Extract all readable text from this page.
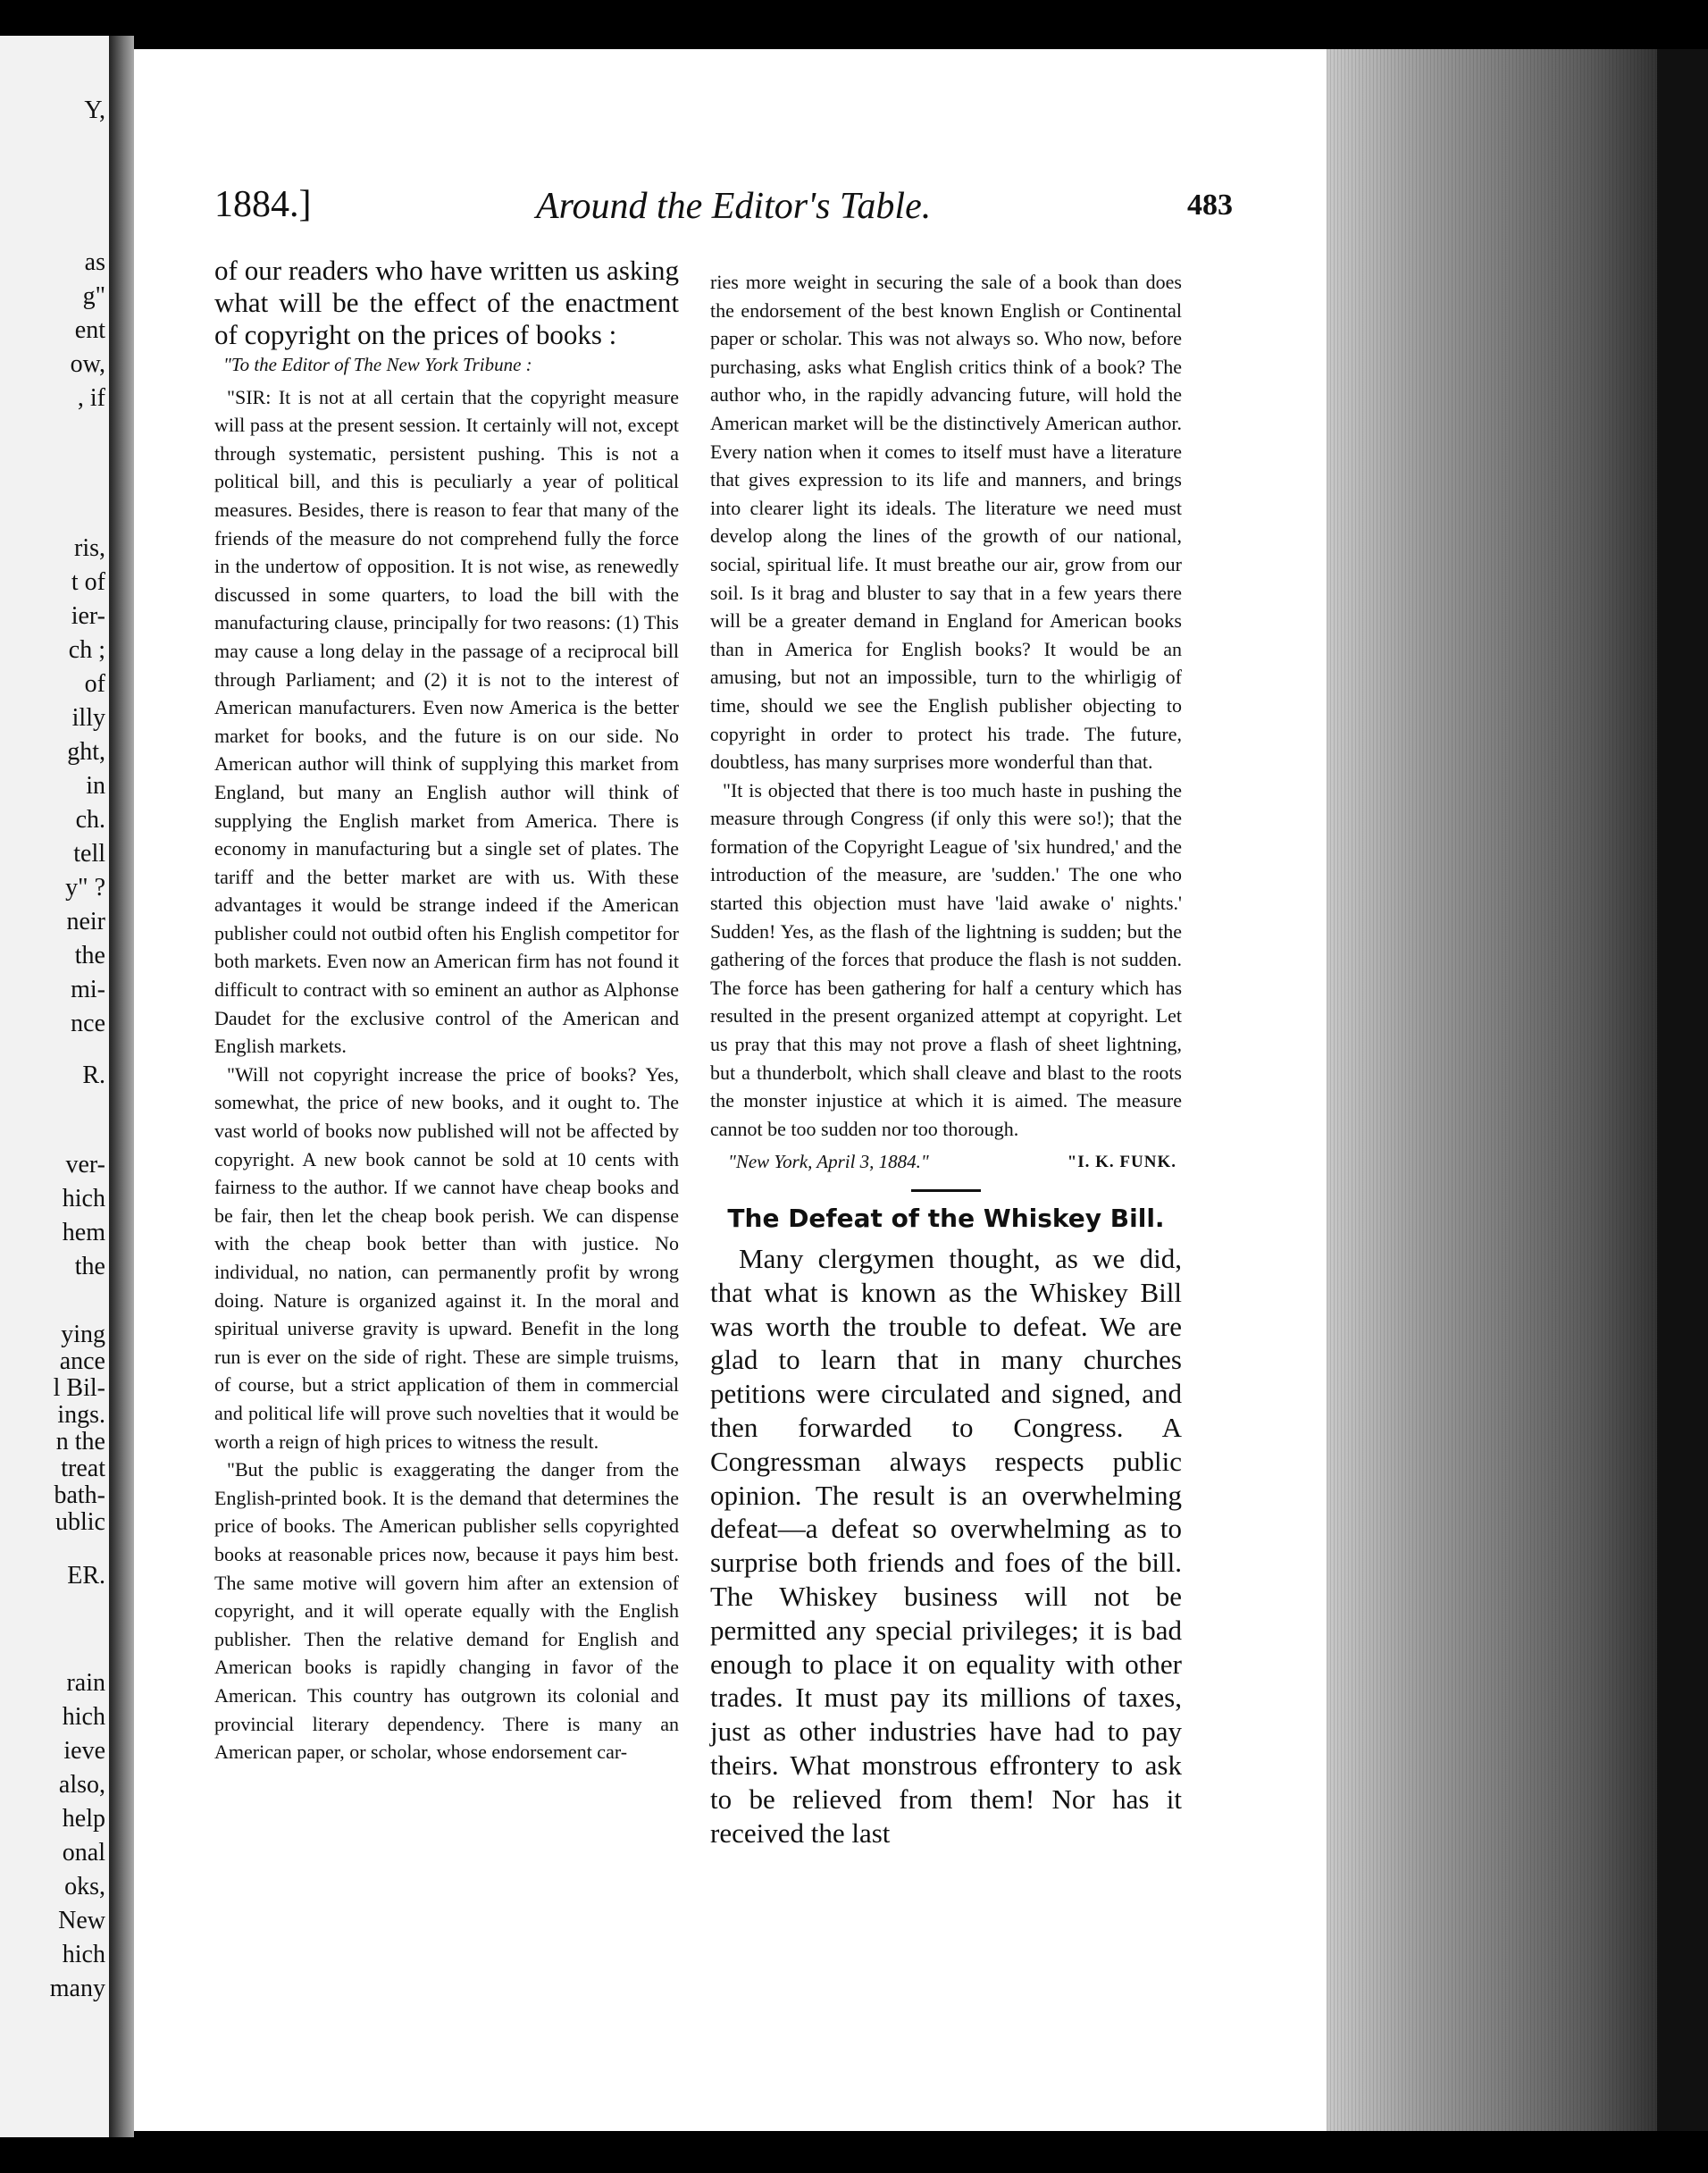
Y,
as
g"
ent
ow,
, if
ris,
t of
ier-
ch ;
of
illy
ght,
in
ch.
tell
y" ?
neir
the
mi-
nce
R.
ver-
hich
hem
the
ying
ance
l Bil-
ings.
n the
treat
bath-
ublic
ER.
rain
hich
ieve
also,
help
onal
oks,
New
hich
many
1884.]	Around the Editor's Table.	483

of our readers who have written us asking what will be the effect of the enactment of copyright on the prices of books :

"To the Editor of The New York Tribune :

"SIR: It is not at all certain that the copyright measure will pass at the present session. It certainly will not, except through systematic, persistent pushing. This is not a political bill, and this is peculiarly a year of political measures. Besides, there is reason to fear that many of the friends of the measure do not comprehend fully the force in the undertow of opposition. It is not wise, as renewedly discussed in some quarters, to load the bill with the manufacturing clause, principally for two reasons: (1) This may cause a long delay in the passage of a reciprocal bill through Parliament; and (2) it is not to the interest of American manufacturers. Even now America is the better market for books, and the future is on our side. No American author will think of supplying this market from England, but many an English author will think of supplying the English market from America. There is economy in manufacturing but a single set of plates. The tariff and the better market are with us. With these advantages it would be strange indeed if the American publisher could not outbid often his English competitor for both markets. Even now an American firm has not found it difficult to contract with so eminent an author as Alphonse Daudet for the exclusive control of the American and English markets.

"Will not copyright increase the price of books? Yes, somewhat, the price of new books, and it ought to. The vast world of books now published will not be affected by copyright. A new book cannot be sold at 10 cents with fairness to the author. If we cannot have cheap books and be fair, then let the cheap book perish. We can dispense with the cheap book better than with justice. No individual, no nation, can permanently profit by wrong doing. Nature is organized against it. In the moral and spiritual universe gravity is upward. Benefit in the long run is ever on the side of right. These are simple truisms, of course, but a strict application of them in commercial and political life will prove such novelties that it would be worth a reign of high prices to witness the result.

"But the public is exaggerating the danger from the English-printed book. It is the demand that determines the price of books. The American publisher sells copyrighted books at reasonable prices now, because it pays him best. The same motive will govern him after an extension of copyright, and it will operate equally with the English publisher. Then the relative demand for English and American books is rapidly changing in favor of the American. This country has outgrown its colonial and provincial literary dependency. There is many an American paper, or scholar, whose endorsement car-

ries more weight in securing the sale of a book than does the endorsement of the best known English or Continental paper or scholar. This was not always so. Who now, before purchasing, asks what English critics think of a book? The author who, in the rapidly advancing future, will hold the American market will be the distinctively American author. Every nation when it comes to itself must have a literature that gives expression to its life and manners, and brings into clearer light its ideals. The literature we need must develop along the lines of the growth of our national, social, spiritual life. It must breathe our air, grow from our soil. Is it brag and bluster to say that in a few years there will be a greater demand in England for American books than in America for English books? It would be an amusing, but not an impossible, turn to the whirligig of time, should we see the English publisher objecting to copyright in order to protect his trade. The future, doubtless, has many surprises more wonderful than that.

"It is objected that there is too much haste in pushing the measure through Congress (if only this were so!); that the formation of the Copyright League of 'six hundred,' and the introduction of the measure, are 'sudden.' The one who started this objection must have 'laid awake o' nights.' Sudden! Yes, as the flash of the lightning is sudden; but the gathering of the forces that produce the flash is not sudden. The force has been gathering for half a century which has resulted in the present organized attempt at copyright. Let us pray that this may not prove a flash of sheet lightning, but a thunderbolt, which shall cleave and blast to the roots the monster injustice at which it is aimed. The measure cannot be too sudden nor too thorough.

"New York, April 3, 1884."	"I. K. FUNK.
The Defeat of the Whiskey Bill.

Many clergymen thought, as we did, that what is known as the Whiskey Bill was worth the trouble to defeat. We are glad to learn that in many churches petitions were circulated and signed, and then forwarded to Congress. A Congressman always respects public opinion. The result is an overwhelming defeat—a defeat so overwhelming as to surprise both friends and foes of the bill. The Whiskey business will not be permitted any special privileges; it is bad enough to place it on equality with other trades. It must pay its millions of taxes, just as other industries have had to pay theirs. What monstrous effrontery to ask to be relieved from them! Nor has it received the last
